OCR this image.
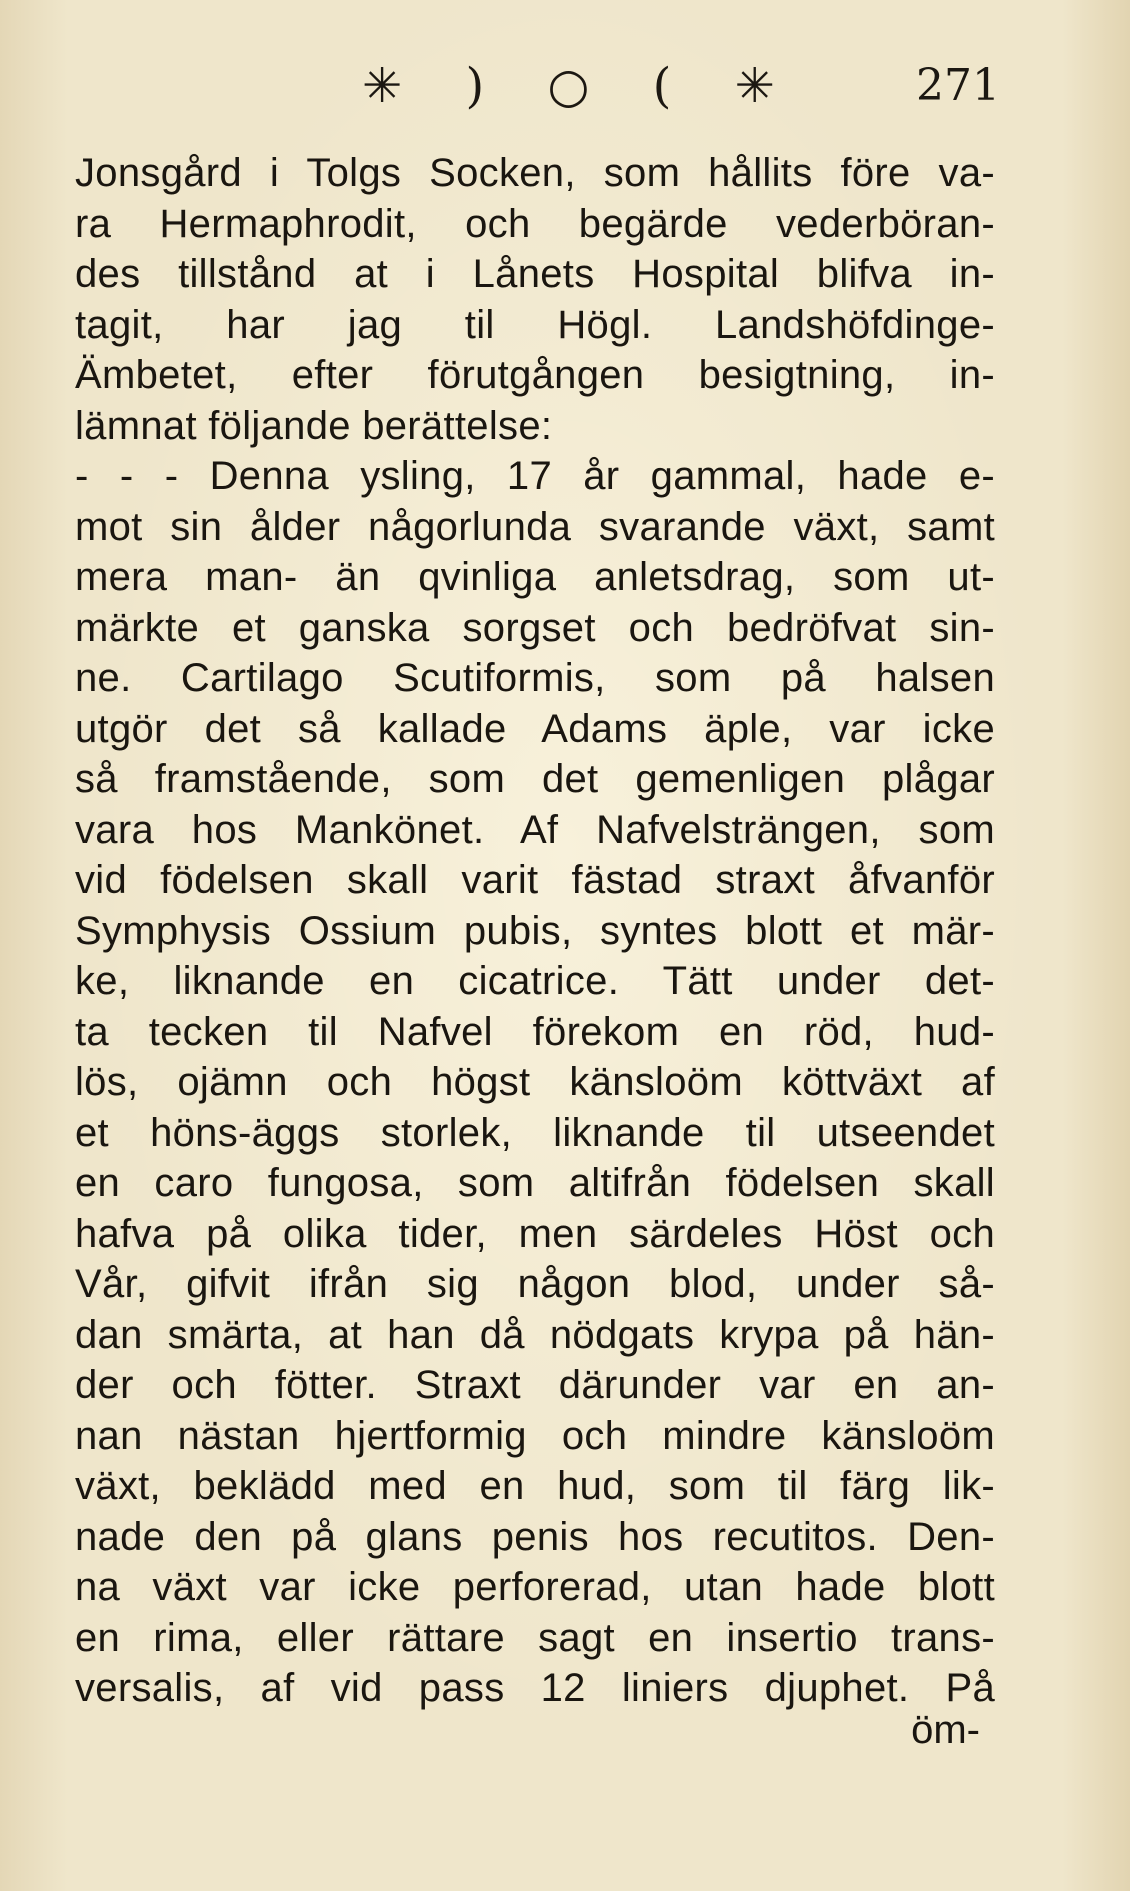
✳ ) ○ ( ✳	271
Jonsgård i Tolgs Socken, som hållits före va-
ra Hermaphrodit, och begärde vederböran-
des tillstånd at i Lånets Hospital blifva in-
tagit, har jag til Högl. Landshöfdinge-
Ämbetet, efter förutgången besigtning, in-
lämnat följande berättelse:
- - - Denna ysling, 17 år gammal, hade e-
mot sin ålder någorlunda svarande växt, samt
mera man- än qvinliga anletsdrag, som ut-
märkte et ganska sorgset och bedröfvat sin-
ne. Cartilago Scutiformis, som på halsen
utgör det så kallade Adams äple, var icke
så framstående, som det gemenligen plågar
vara hos Mankönet. Af Nafvelsträngen, som
vid födelsen skall varit fästad straxt åfvanför
Symphysis Ossium pubis, syntes blott et mär-
ke, liknande en cicatrice. Tätt under det-
ta tecken til Nafvel förekom en röd, hud-
lös, ojämn och högst känsloöm köttväxt af
et höns-äggs storlek, liknande til utseendet
en caro fungosa, som altifrån födelsen skall
hafva på olika tider, men särdeles Höst och
Vår, gifvit ifrån sig någon blod, under så-
dan smärta, at han då nödgats krypa på hän-
der och fötter. Straxt därunder var en an-
nan nästan hjertformig och mindre känsloöm
växt, beklädd med en hud, som til färg lik-
nade den på glans penis hos recutitos. Den-
na växt var icke perforerad, utan hade blott
en rima, eller rättare sagt en insertio trans-
versalis, af vid pass 12 liniers djuphet. På
öm-
